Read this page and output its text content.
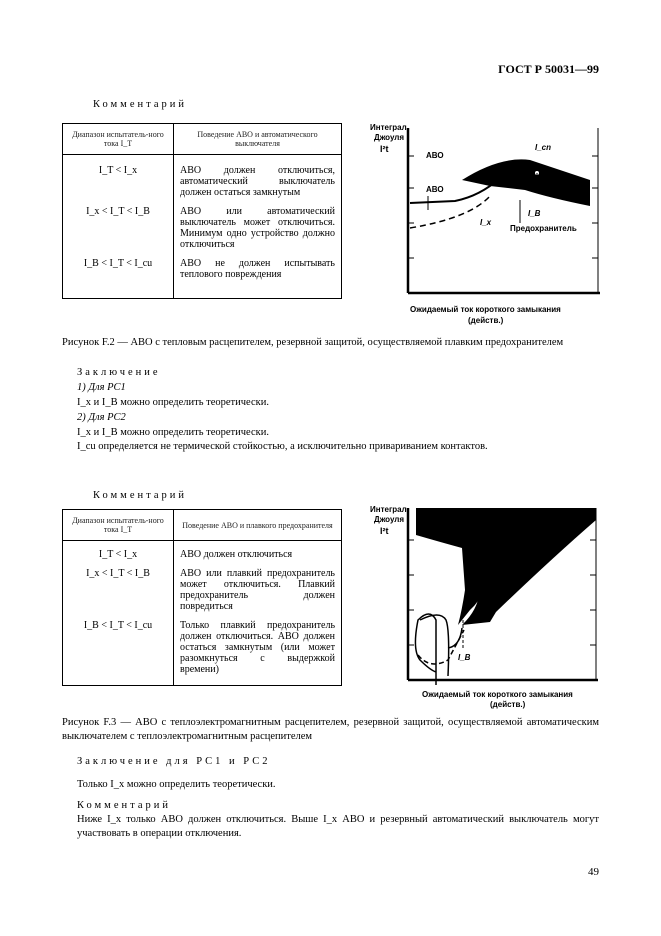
ГОСТ Р 50031—99
Комментарий
Диапазон испытатель-ного тока I_T	Поведение АВО и автоматического выключателя
I_T < I_x	АВО должен отключиться, автоматический выключатель должен остаться замкнутым
I_x < I_T < I_B	АВО или автоматический выключатель может отключиться. Минимум одно устройство должно отключиться
I_B < I_T < I_cu	АВО не должен испытывать теплового повреждения
Интеграл
Джоуля
I²t
АВО
АВО
I_cn
I_B
I_x
Предохранитель
Ожидаемый ток короткого замыкания
(действ.)
Рисунок F.2 — АВО с тепловым расцепителем, резервной защитой, осуществляемой плавким предохранителем
Заключение
1) Для PC1
I_x и I_B можно определить теоретически.
2) Для PC2
I_x и I_B можно определить теоретически.
I_cu определяется не термической стойкостью, а исключительно привариванием контактов.
Комментарий
Диапазон испытатель-ного тока I_T	Поведение АВО и плавкого предохранителя
I_T < I_x	АВО должен отключиться
I_x < I_T < I_B	АВО или плавкий предохранитель может отключиться. Плавкий предохранитель должен повредиться
I_B < I_T < I_cu	Только плавкий предохранитель должен отключиться. АВО должен остаться замкнутым (или может разомкнуться с выдержкой времени)
Интеграл
Джоуля
I²t
I_B
Ожидаемый ток короткого замыкания
(действ.)
Рисунок F.3 — АВО с теплоэлектромагнитным расцепителем, резервной защитой, осуществляемой автоматическим выключателем с теплоэлектромагнитным расцепителем
Заключение для РС1 и РС2
Только I_x можно определить теоретически.
Комментарий
Ниже I_x только АВО должен отключиться. Выше I_x АВО и резервный автоматический выключатель могут участвовать в операции отключения.
49
